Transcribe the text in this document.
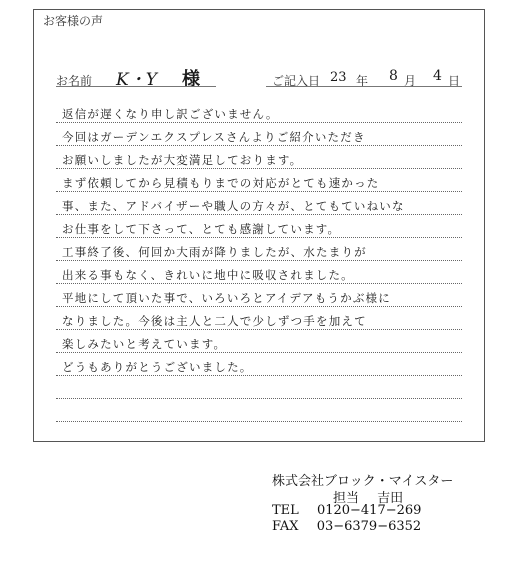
お客様の声
お名前 K・Y 様	ご記入日 23 年 8 月 4 日
返信が遅くなり申し訳ございません。
今回はガーデンエクスプレスさんよりご紹介いただき
お願いしましたが大変満足しております。
まず依頼してから見積もりまでの対応がとても速かった
事、また、アドバイザーや職人の方々が、とてもていねいな
お仕事をして下さって、とても感謝しています。
工事終了後、何回か大雨が降りましたが、水たまりが
出来る事もなく、きれいに地中に吸収されました。
平地にして頂いた事で、いろいろとアイデアもうかぶ様に
なりました。今後は主人と二人で少しずつ手を加えて
楽しみたいと考えています。
どうもありがとうございました。
株式会社ブロック・マイスター
担当 吉田
TEL 0120−417−269
FAX 03−6379−6352
